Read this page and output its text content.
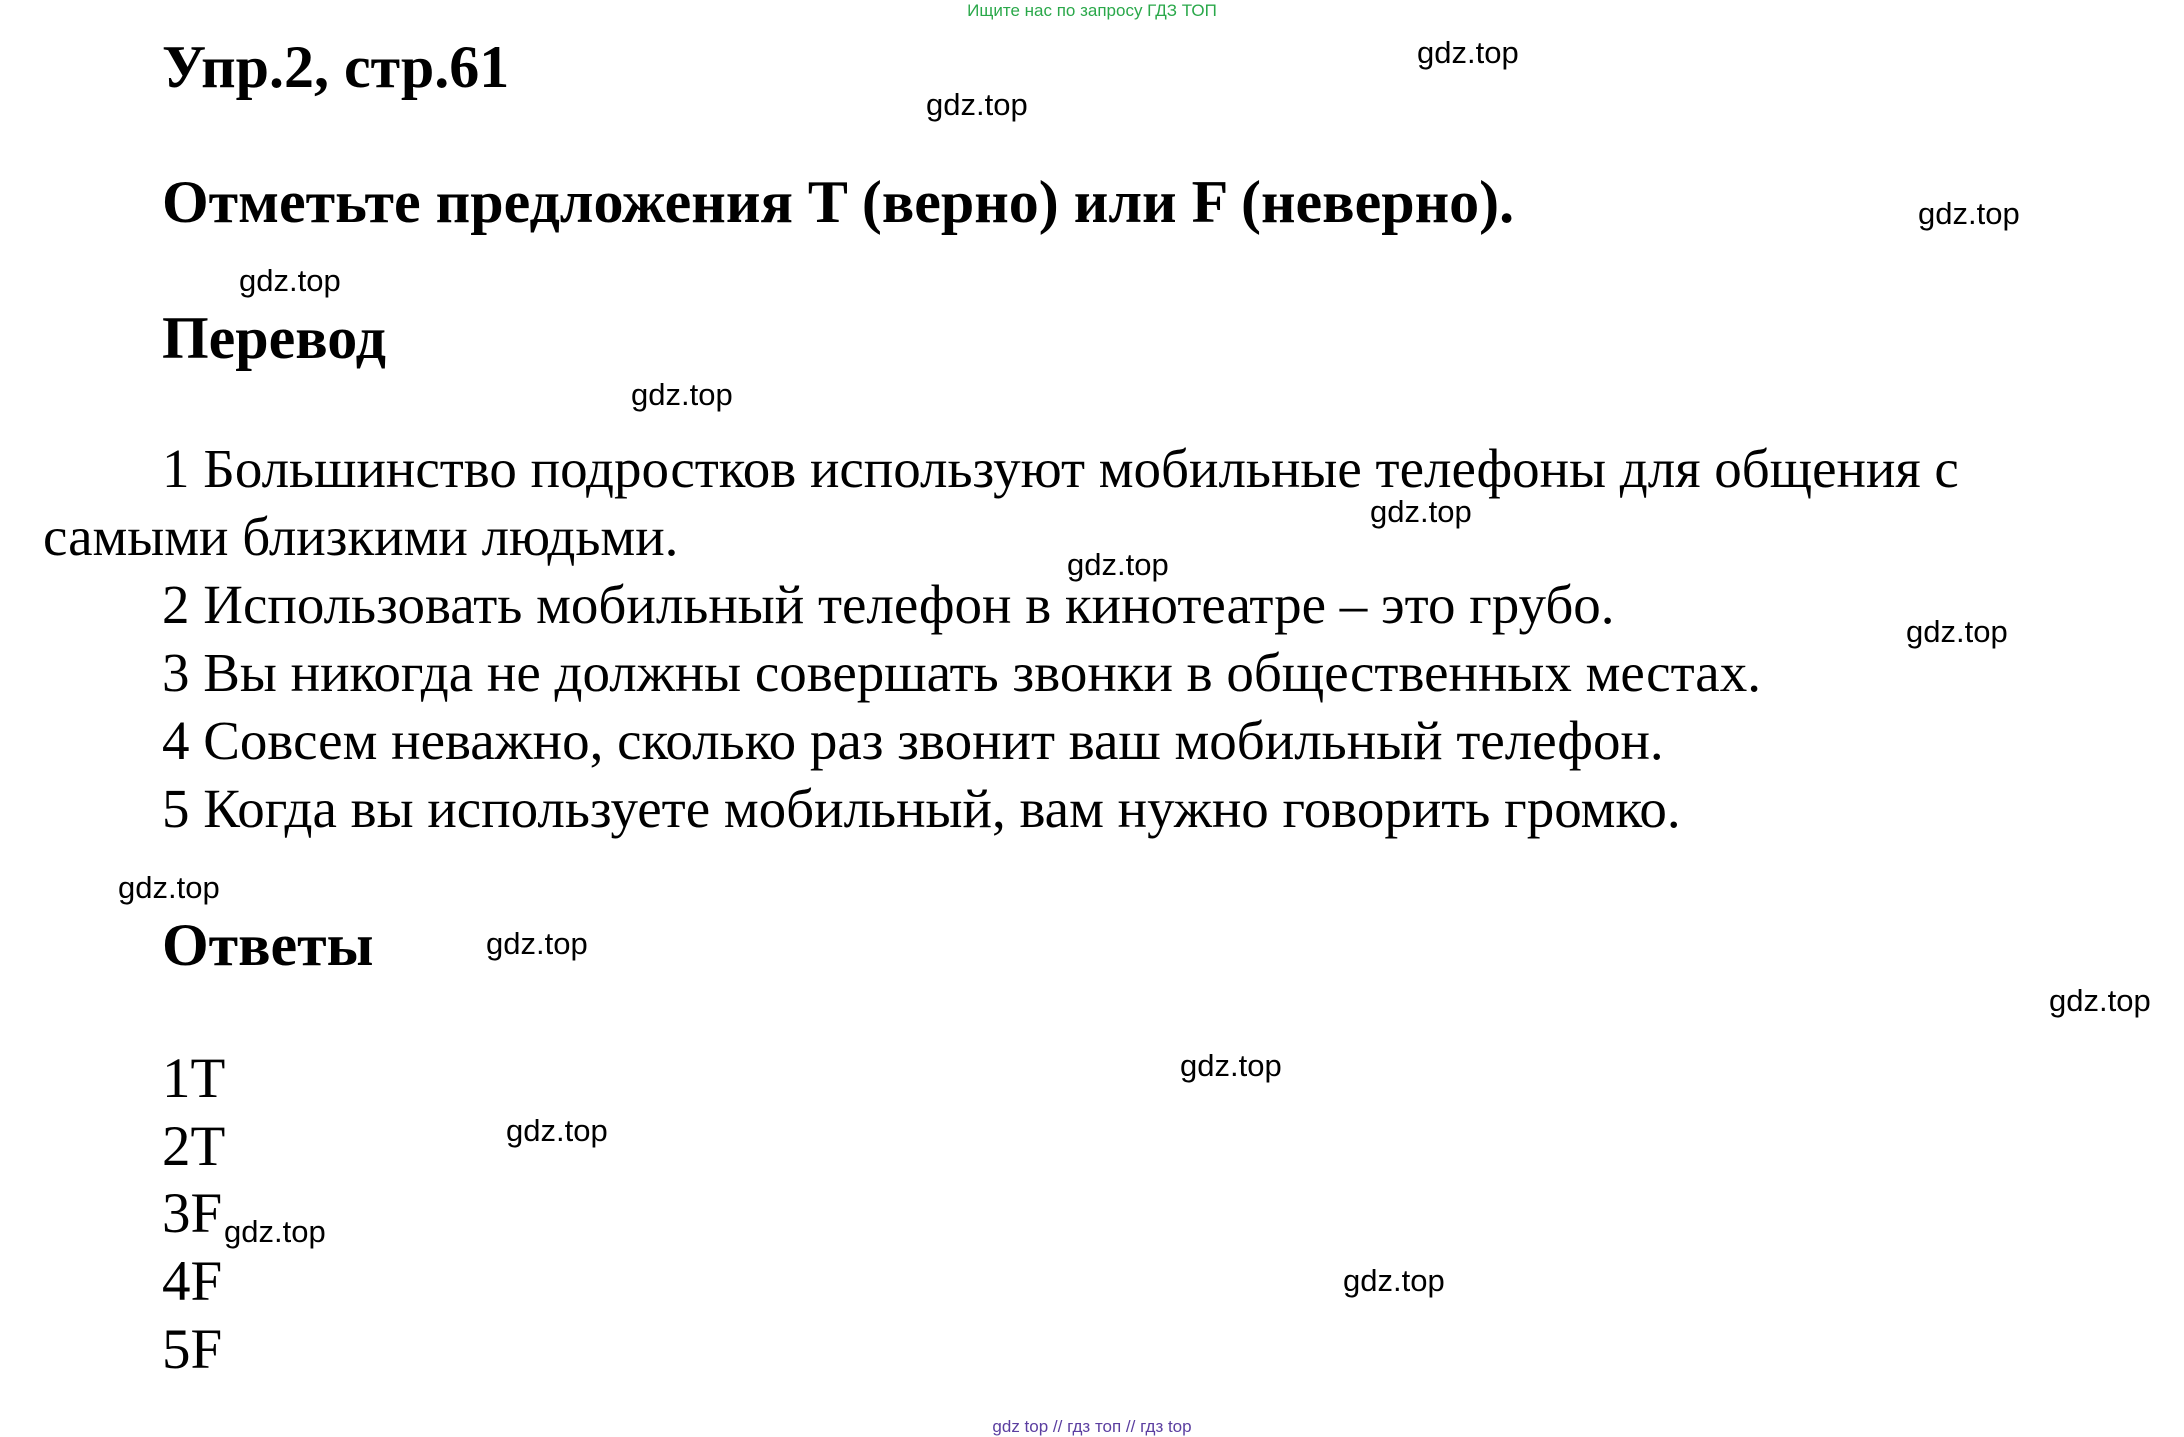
Ищите нас по запросу ГДЗ ТОП
Упр.2, стр.61
Отметьте предложения T (верно) или F (неверно).
Перевод
1 Большинство подростков используют мобильные телефоны для общения с
самыми близкими людьми.
2 Использовать мобильный телефон в кинотеатре – это грубо.
3 Вы никогда не должны совершать звонки в общественных местах.
4 Совсем неважно, сколько раз звонит ваш мобильный телефон.
5 Когда вы используете мобильный, вам нужно говорить громко.
Ответы
1T
2T
3F
4F
5F
gdz.top
gdz.top
gdz.top
gdz.top
gdz.top
gdz.top
gdz.top
gdz.top
gdz.top
gdz.top
gdz.top
gdz.top
gdz.top
gdz.top
gdz.top
gdz top // гдз топ // гдз top
